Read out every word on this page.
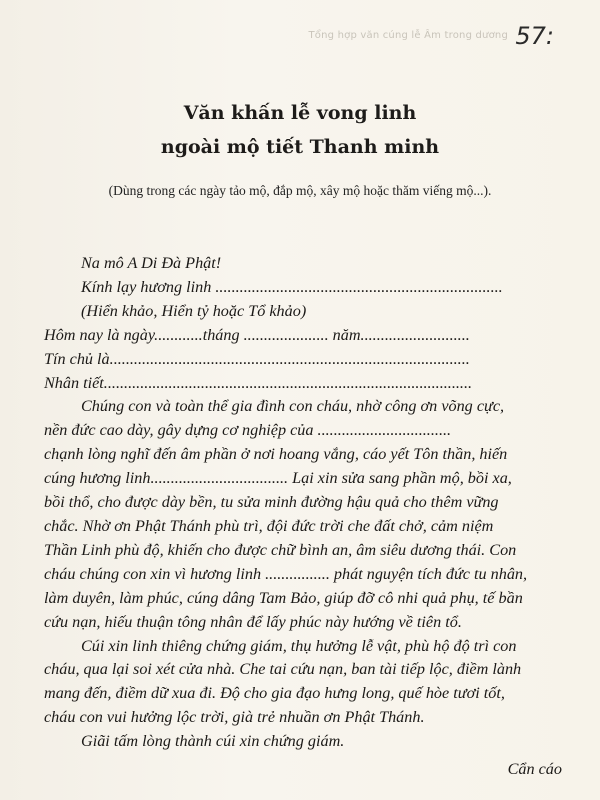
Tổng hợp văn cúng lễ Âm trong dương 57:
Văn khấn lễ vong linh
ngoài mộ tiết Thanh minh
(Dùng trong các ngày tảo mộ, đắp mộ, xây mộ hoặc thăm viếng mộ...).
Na mô A Di Đà Phật!
Kính lạy hương linh .......................................................................
(Hiển khảo, Hiển tỷ hoặc Tổ khảo)
Hôm nay là ngày............tháng ..................... năm...........................
Tín chủ là.........................................................................................
Nhân tiết...........................................................................................
Chúng con và toàn thể gia đình con cháu, nhờ công ơn võng cực,
nền đức cao dày, gây dựng cơ nghiệp của .................................
chạnh lòng nghĩ đến âm phần ở nơi hoang vắng, cáo yết Tôn thần, hiến
cúng hương linh.................................. Lại xin sửa sang phần mộ, bồi xa,
bồi thổ, cho được dày bền, tu sửa minh đường hậu quả cho thêm vững
chắc. Nhờ ơn Phật Thánh phù trì, đội đức trời che đất chở, cảm niệm
Thần Linh phù độ, khiến cho được chữ bình an, âm siêu dương thái. Con
cháu chúng con xin vì hương linh ................ phát nguyện tích đức tu nhân,
làm duyên, làm phúc, cúng dâng Tam Bảo, giúp đỡ cô nhi quả phụ, tế bần
cứu nạn, hiếu thuận tông nhân để lấy phúc này hướng về tiên tổ.
Cúi xin linh thiêng chứng giám, thụ hưởng lễ vật, phù hộ độ trì con
cháu, qua lại soi xét cửa nhà. Che tai cứu nạn, ban tài tiếp lộc, điềm lành
mang đến, điềm dữ xua đi. Độ cho gia đạo hưng long, quế hòe tươi tốt,
cháu con vui hưởng lộc trời, già trẻ nhuần ơn Phật Thánh.
Giãi tấm lòng thành cúi xin chứng giám.
Cẩn cáo
